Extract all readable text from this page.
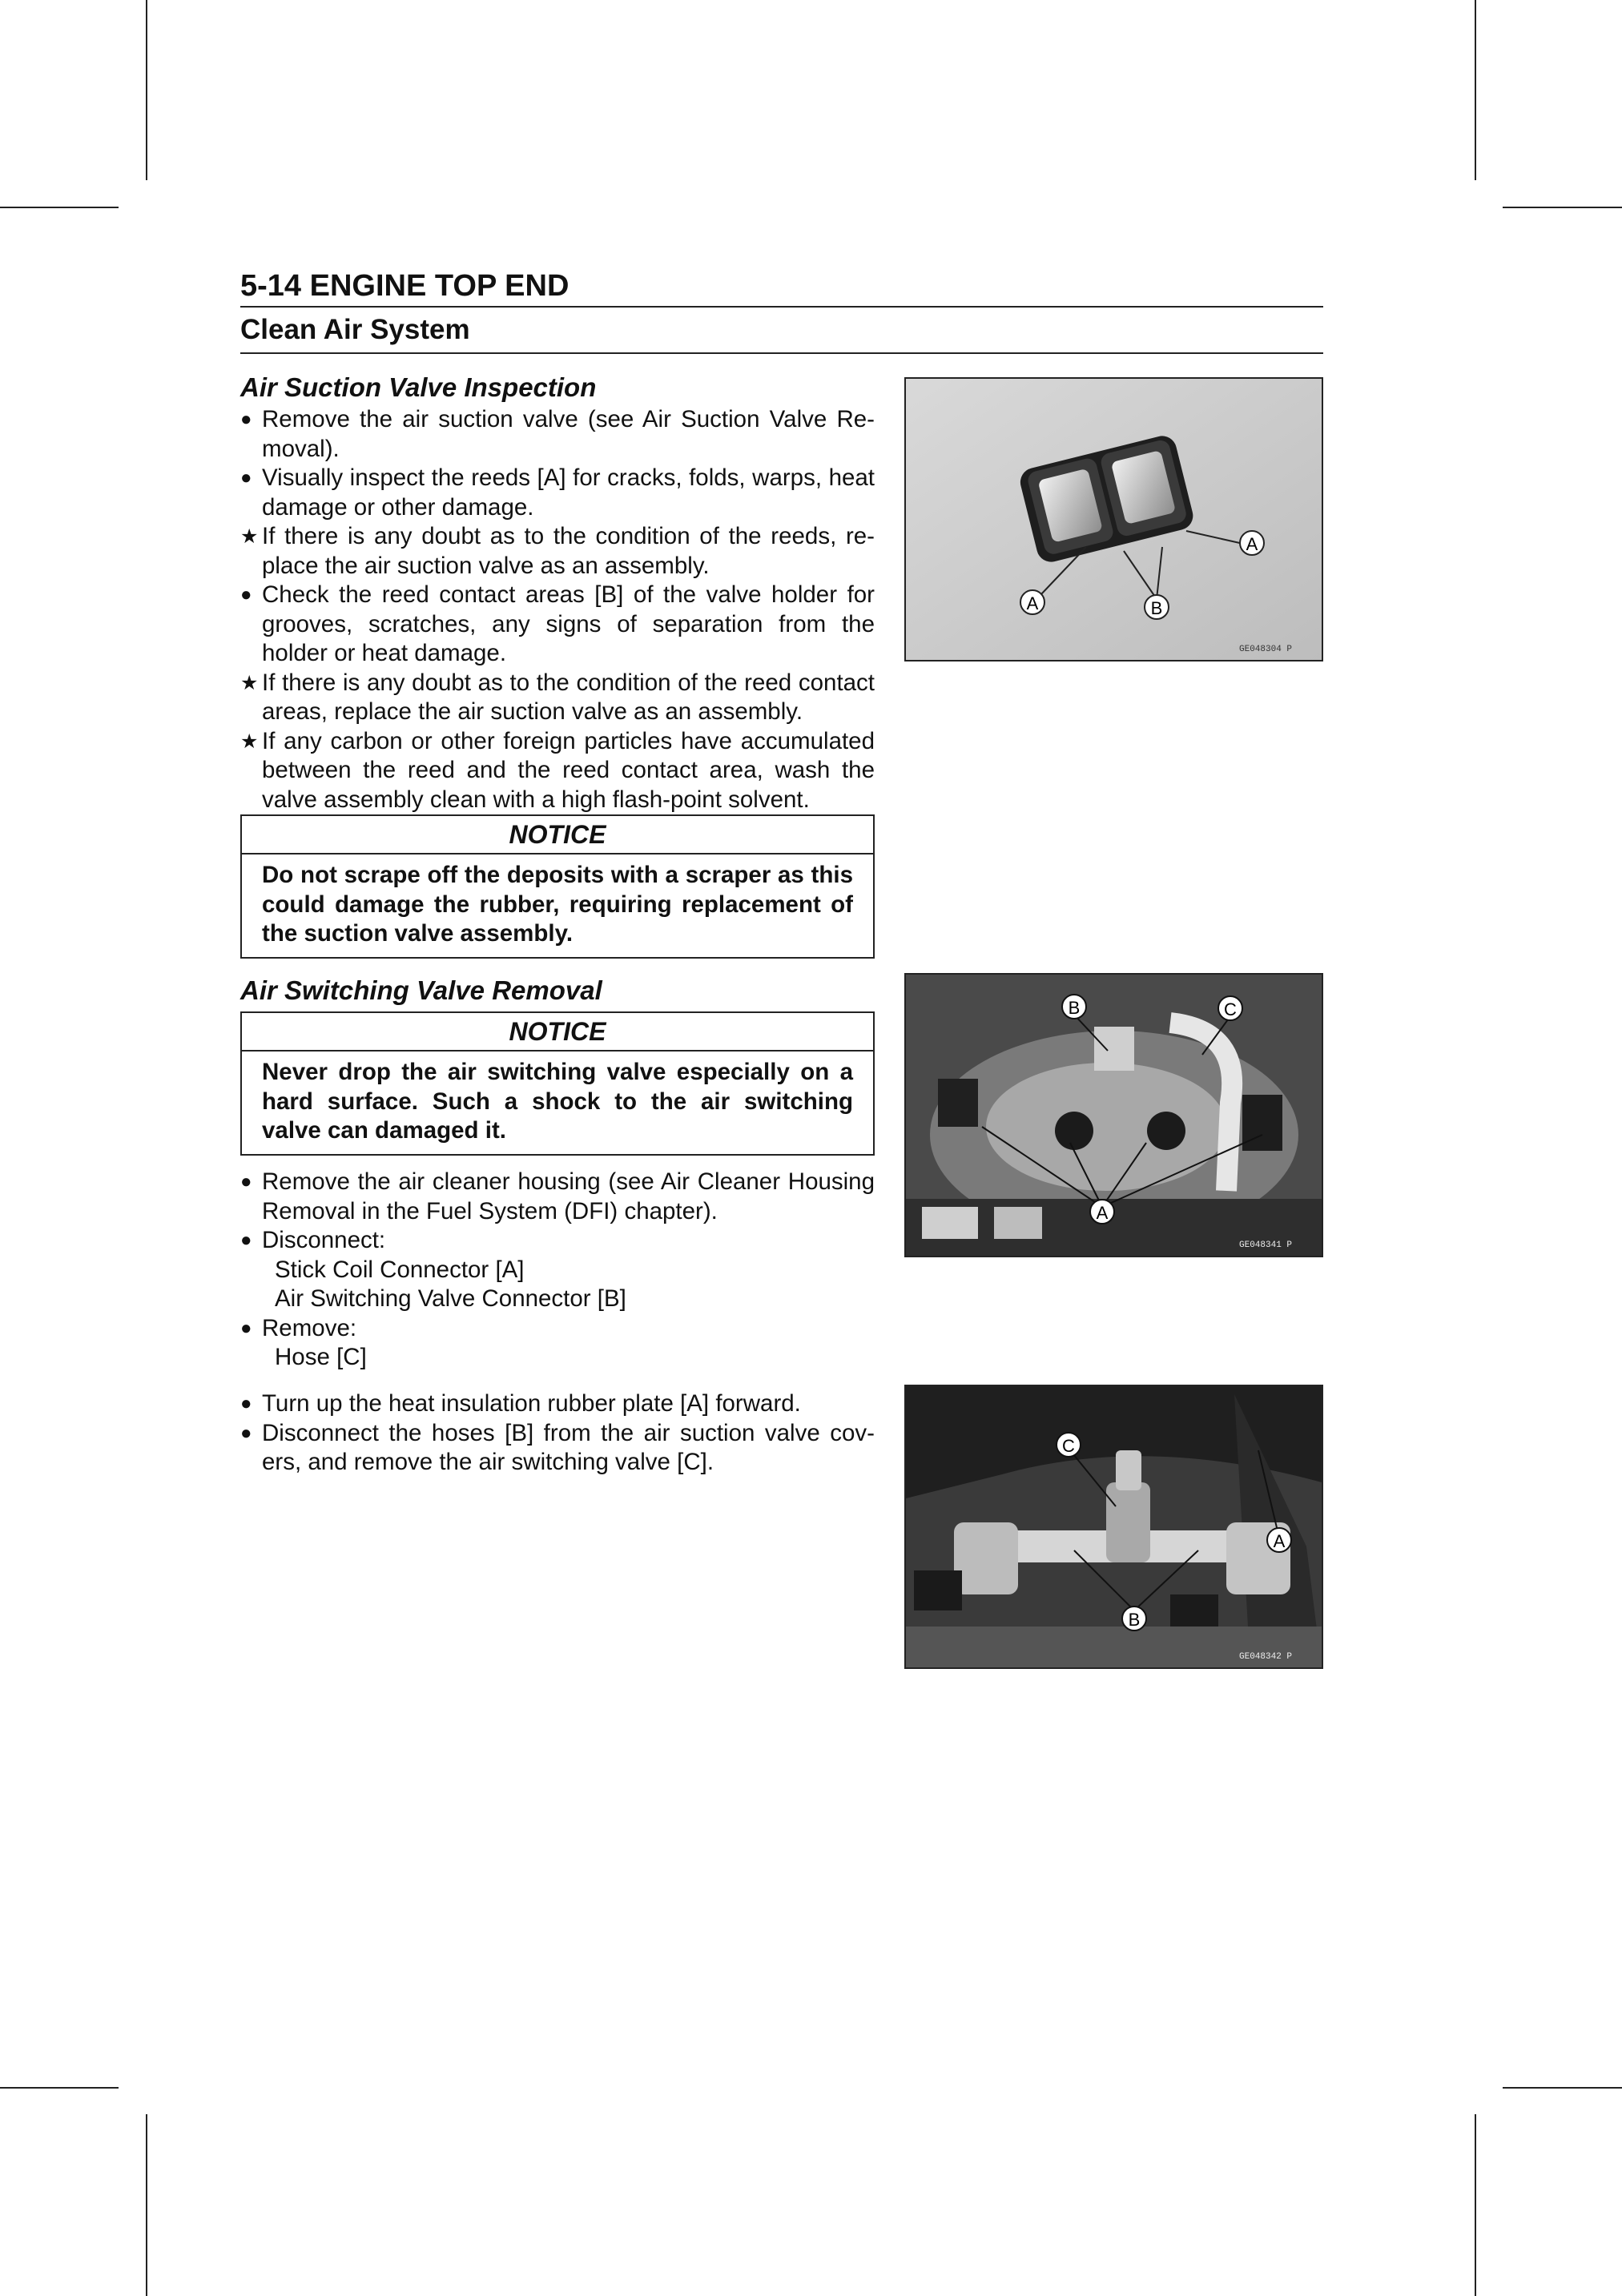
5-14 ENGINE TOP END
Clean Air System
Air Suction Valve Inspection
● Remove the air suction valve (see Air Suction Valve Re-moval).
● Visually inspect the reeds [A] for cracks, folds, warps, heat damage or other damage.
★ If there is any doubt as to the condition of the reeds, re-place the air suction valve as an assembly.
● Check the reed contact areas [B] of the valve holder for grooves, scratches, any signs of separation from the holder or heat damage.
★ If there is any doubt as to the condition of the reed contact areas, replace the air suction valve as an assembly.
★ If any carbon or other foreign particles have accumulated between the reed and the reed contact area, wash the valve assembly clean with a high flash-point solvent.
NOTICE
Do not scrape off the deposits with a scraper as this could damage the rubber, requiring replacement of the suction valve assembly.
A
A
B
GE048304 P
Air Switching Valve Removal
NOTICE
Never drop the air switching valve especially on a hard surface. Such a shock to the air switching valve can damaged it.
● Remove the air cleaner housing (see Air Cleaner Housing Removal in the Fuel System (DFI) chapter).
● Disconnect:
Stick Coil Connector [A]
Air Switching Valve Connector [B]
● Remove:
Hose [C]
● Turn up the heat insulation rubber plate [A] forward.
● Disconnect the hoses [B] from the air suction valve cov-ers, and remove the air switching valve [C].
A
B	C
GE048341 P
A
B
C
GE048342 P
